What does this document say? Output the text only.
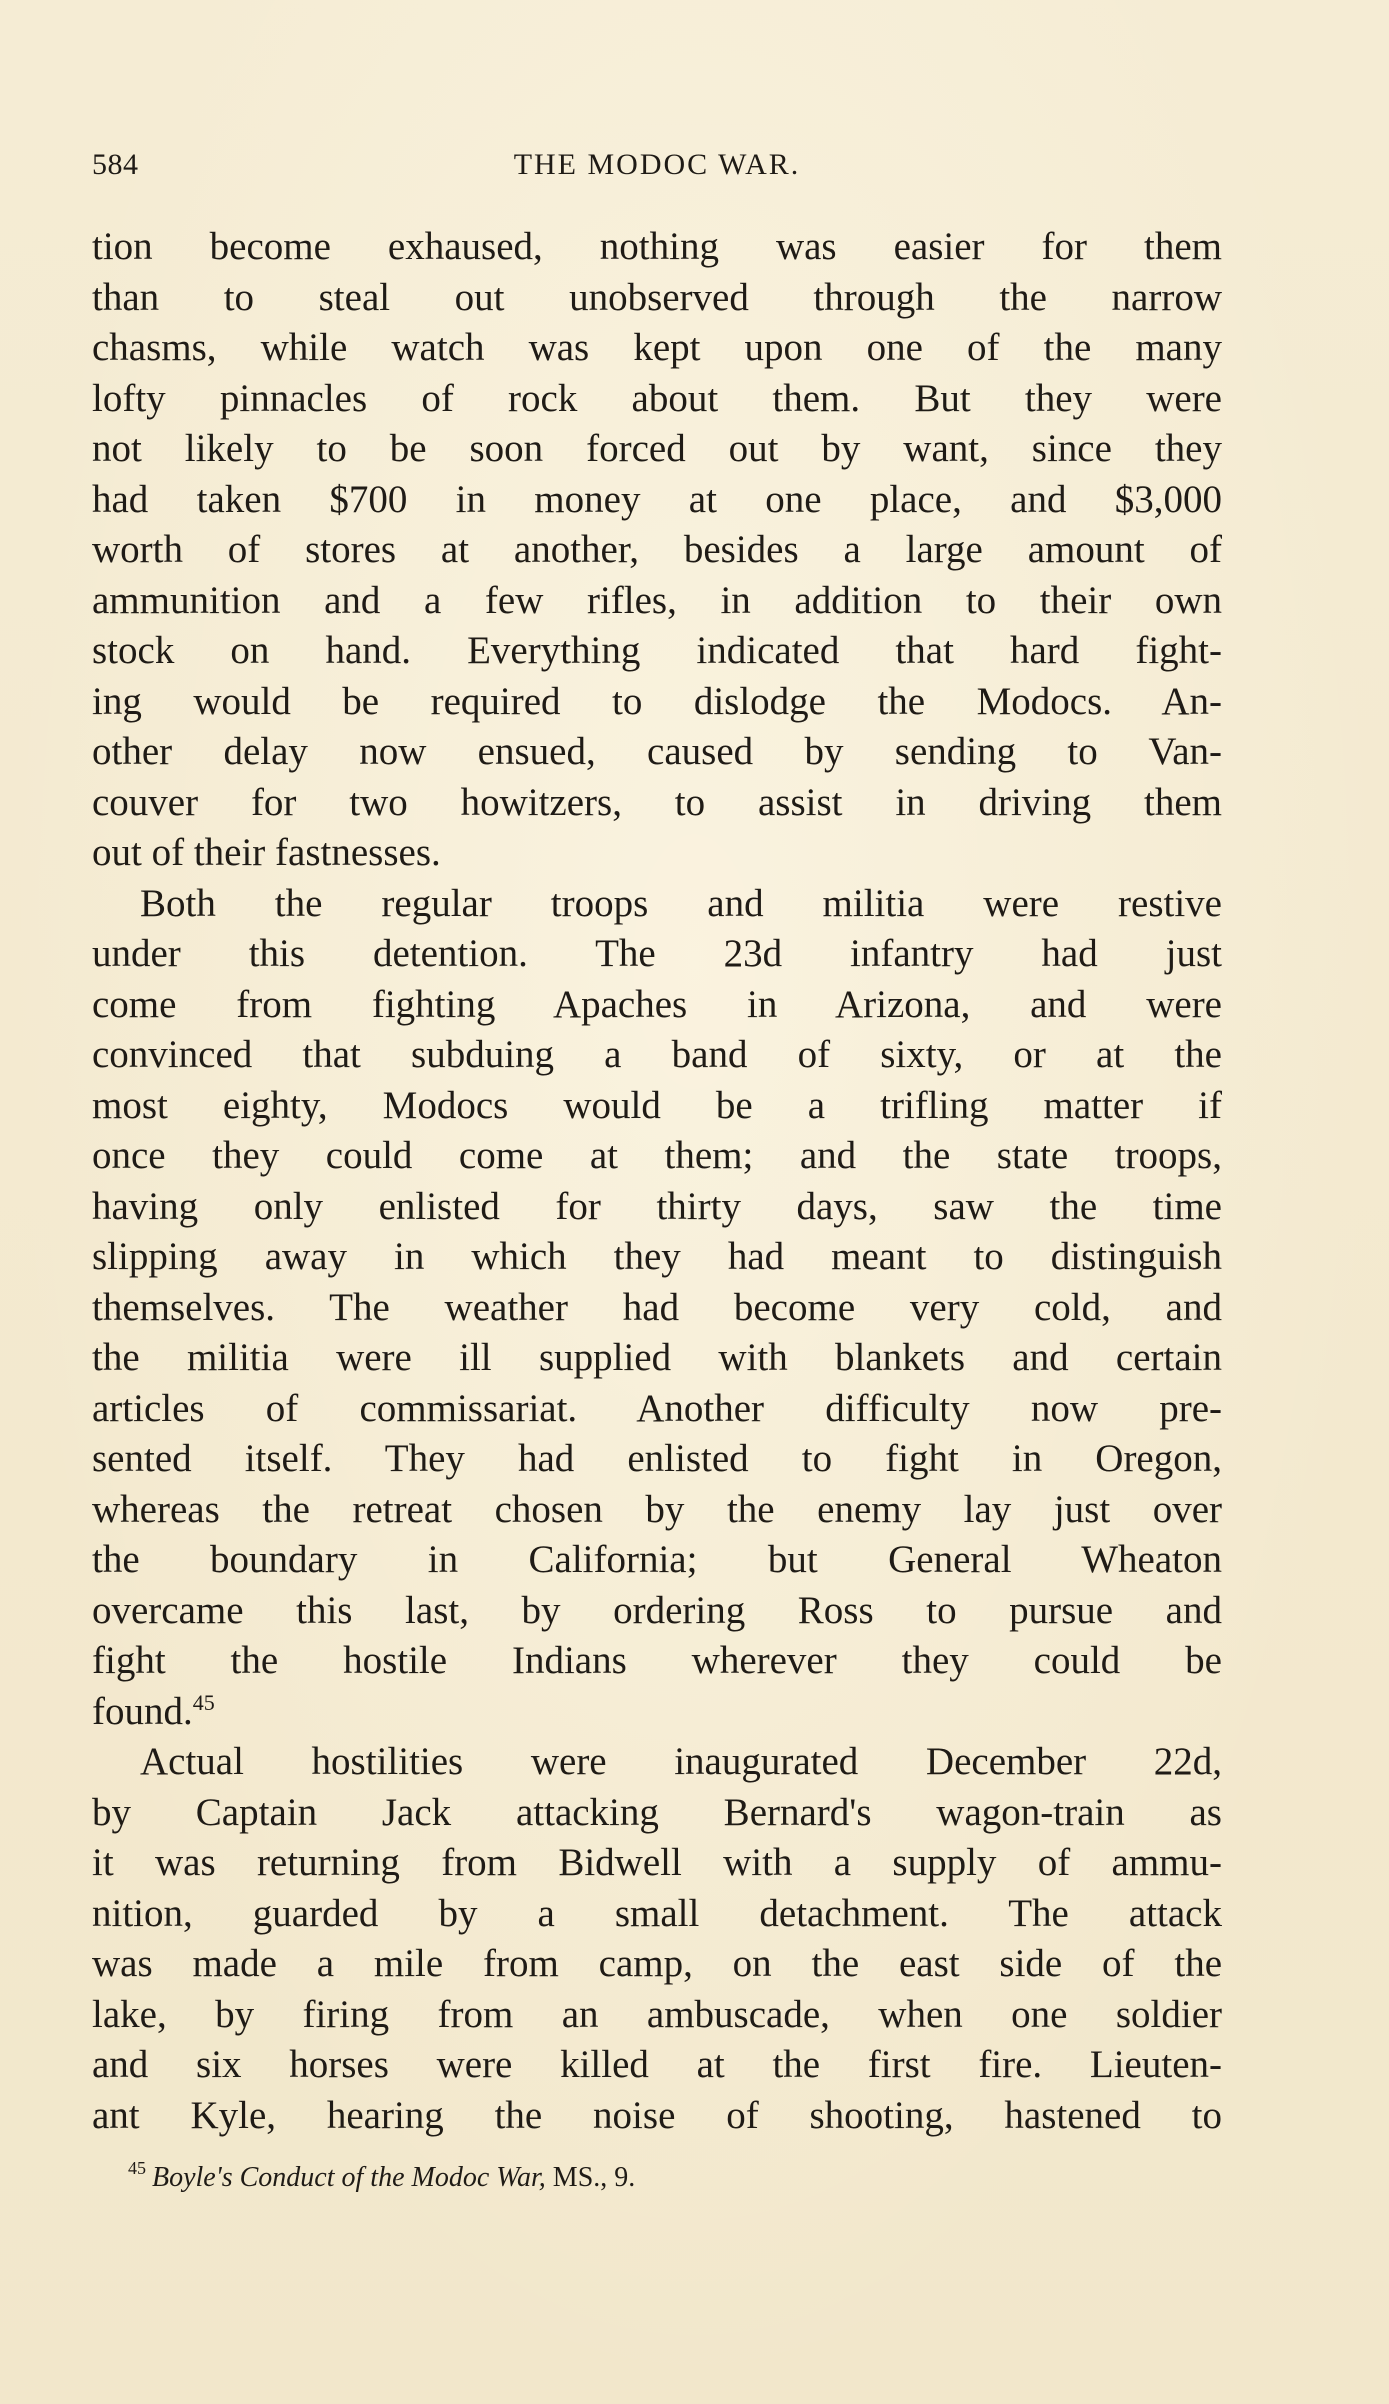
584	THE MODOC WAR.
tion become exhaused, nothing was easier for them
than to steal out unobserved through the narrow
chasms, while watch was kept upon one of the many
lofty pinnacles of rock about them. But they were
not likely to be soon forced out by want, since they
had taken $700 in money at one place, and $3,000
worth of stores at another, besides a large amount of
ammunition and a few rifles, in addition to their own
stock on hand. Everything indicated that hard fight-
ing would be required to dislodge the Modocs. An-
other delay now ensued, caused by sending to Van-
couver for two howitzers, to assist in driving them
out of their fastnesses.
Both the regular troops and militia were restive
under this detention. The 23d infantry had just
come from fighting Apaches in Arizona, and were
convinced that subduing a band of sixty, or at the
most eighty, Modocs would be a trifling matter if
once they could come at them; and the state troops,
having only enlisted for thirty days, saw the time
slipping away in which they had meant to distinguish
themselves. The weather had become very cold, and
the militia were ill supplied with blankets and certain
articles of commissariat. Another difficulty now pre-
sented itself. They had enlisted to fight in Oregon,
whereas the retreat chosen by the enemy lay just over
the boundary in California; but General Wheaton
overcame this last, by ordering Ross to pursue and
fight the hostile Indians wherever they could be
found.$^{45}$
Actual hostilities were inaugurated December 22d,
by Captain Jack attacking Bernard's wagon-train as
it was returning from Bidwell with a supply of ammu-
nition, guarded by a small detachment. The attack
was made a mile from camp, on the east side of the
lake, by firing from an ambuscade, when one soldier
and six horses were killed at the first fire. Lieuten-
ant Kyle, hearing the noise of shooting, hastened to
$^{45}$ Boyle's Conduct of the Modoc War, MS., 9.
